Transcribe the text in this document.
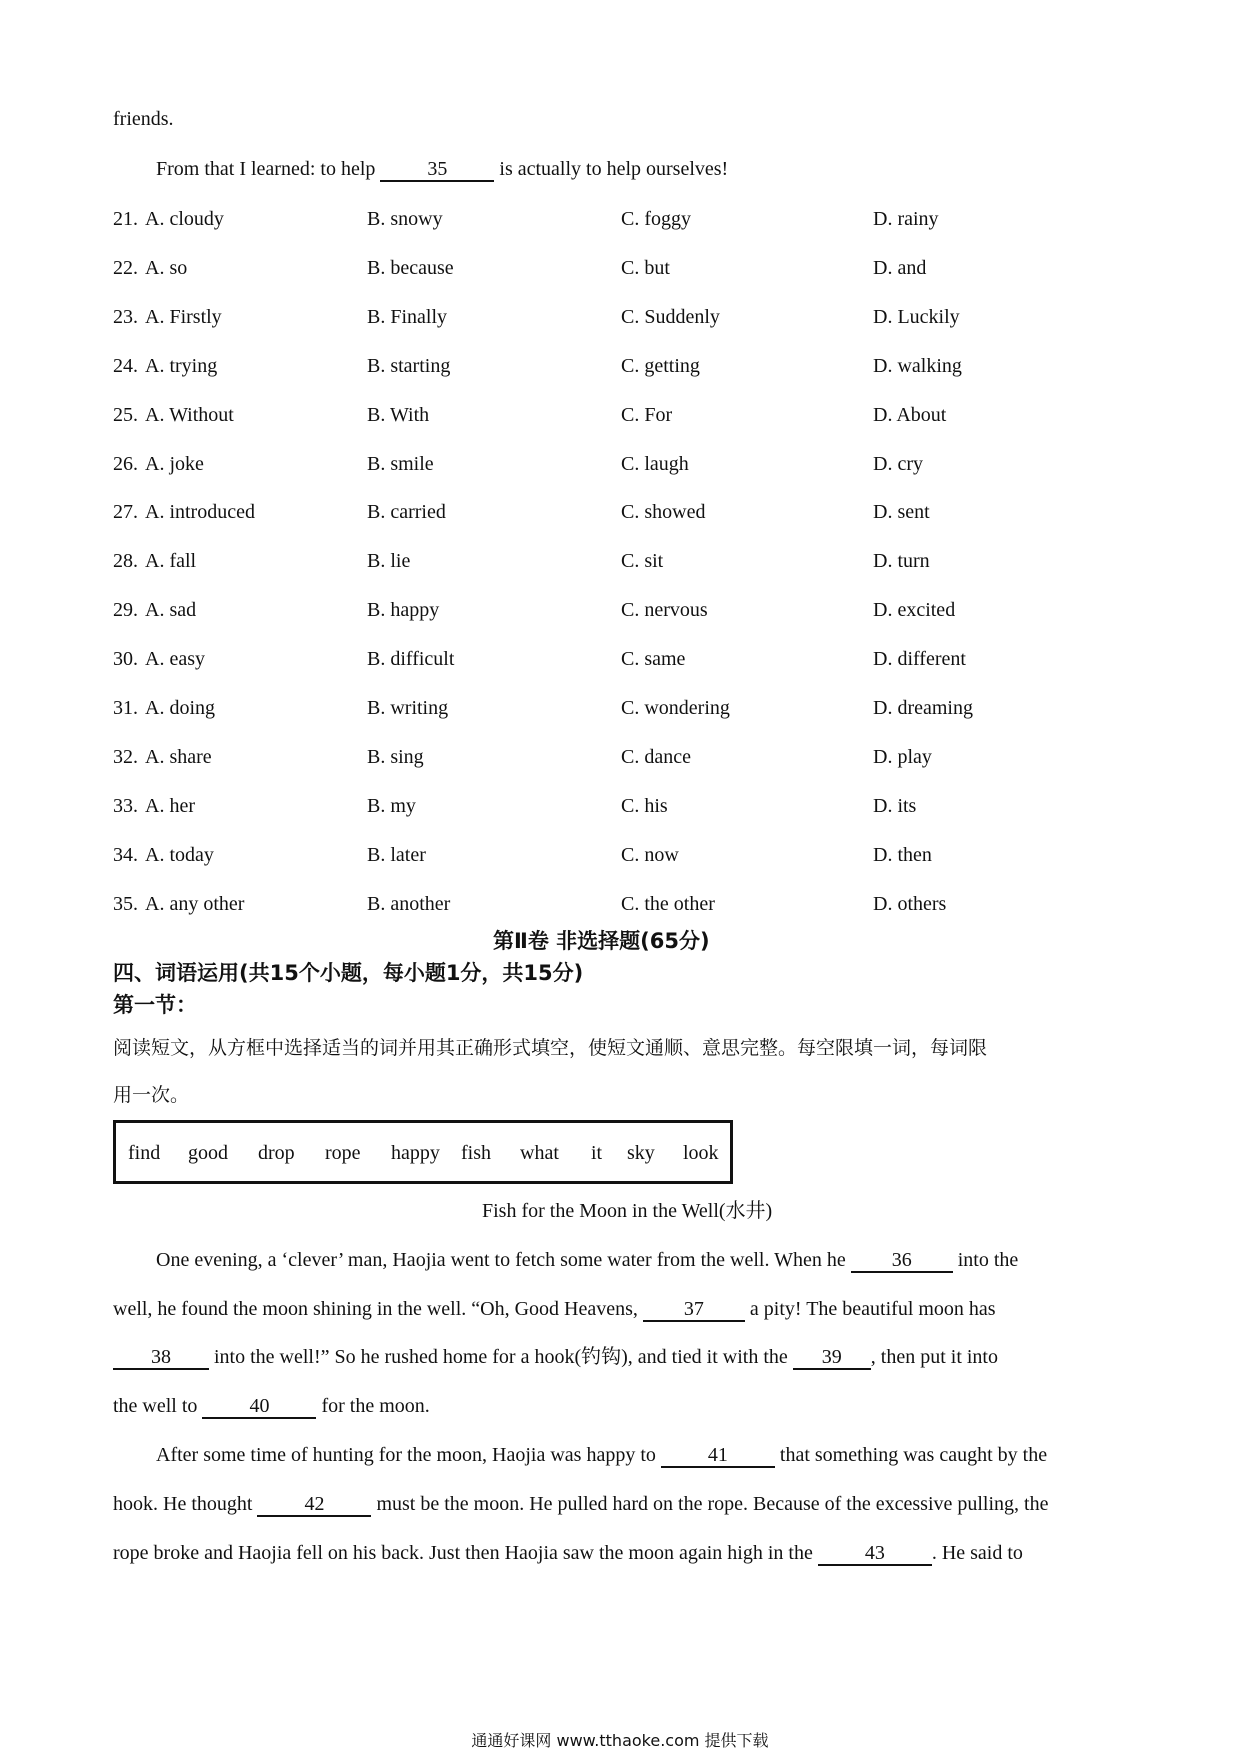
friends.
From that I learned: to help 35 is actually to help ourselves!
21. A. cloudy	B. snowy	C. foggy	D. rainy
22. A. so	B. because	C. but	D. and
23. A. Firstly	B. Finally	C. Suddenly	D. Luckily
24. A. trying	B. starting	C. getting	D. walking
25. A. Without	B. With	C. For	D. About
26. A. joke	B. smile	C. laugh	D. cry
27. A. introduced	B. carried	C. showed	D. sent
28. A. fall	B. lie	C. sit	D. turn
29. A. sad	B. happy	C. nervous	D. excited
30. A. easy	B. difficult	C. same	D. different
31. A. doing	B. writing	C. wondering	D. dreaming
32. A. share	B. sing	C. dance	D. play
33. A. her	B. my	C. his	D. its
34. A. today	B. later	C. now	D. then
35. A. any other	B. another	C. the other	D. others
第Ⅱ卷 非选择题(65分)
四、词语运用(共15个小题，每小题1分，共15分)
第一节：
阅读短文，从方框中选择适当的词并用其正确形式填空，使短文通顺、意思完整。每空限填一词，每词限
用一次。
find good drop rope happy fish what it sky look
Fish for the Moon in the Well(水井)
One evening, a ‘clever’ man, Haojia went to fetch some water from the well. When he 36 into the
well, he found the moon shining in the well. “Oh, Good Heavens, 37 a pity! The beautiful moon has
38 into the well!” So he rushed home for a hook(钓钩), and tied it with the 39 , then put it into
the well to 40 for the moon.
After some time of hunting for the moon, Haojia was happy to 41 that something was caught by the
hook. He thought 42 must be the moon. He pulled hard on the rope. Because of the excessive pulling, the
rope broke and Haojia fell on his back. Just then Haojia saw the moon again high in the 43 . He said to
通通好课网 www.tthaoke.com 提供下载
